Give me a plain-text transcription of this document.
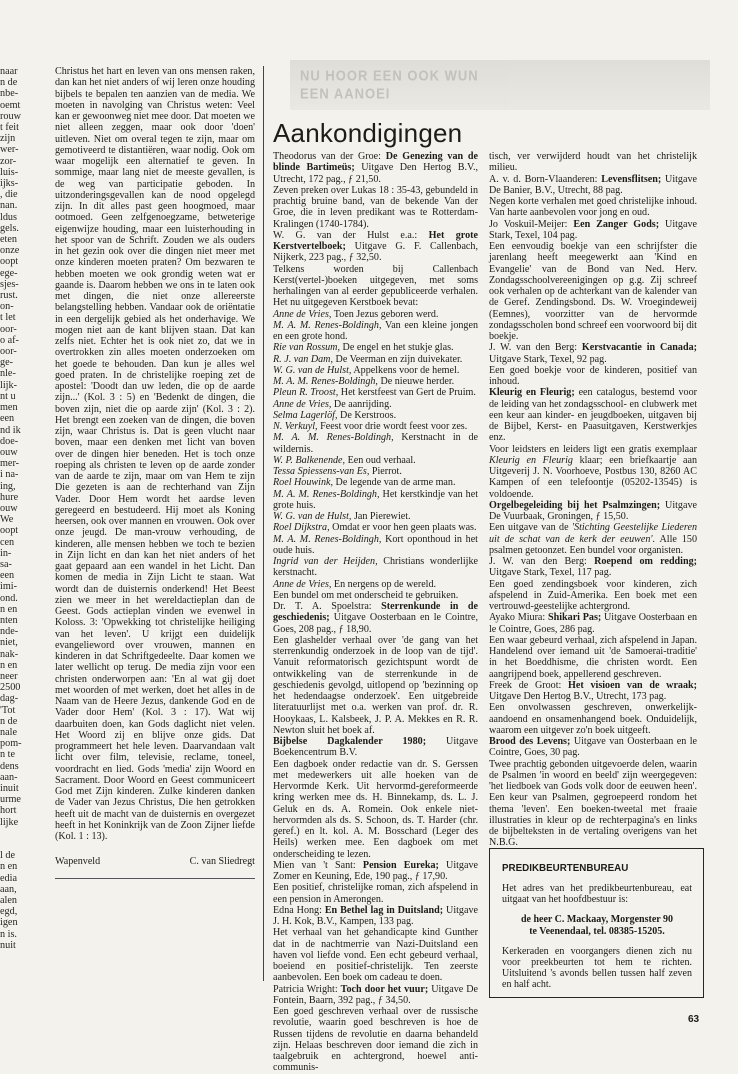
naar
n de
nbe-
oemt
rouw
t feit
zijn
wer-
zor-
luis-
ijks-
, die
nan.
ldus
gels.
eten
onze
oopt
ege-
sjes-
rust.
on-
t let
oor-
o af-
oor-
ge-
nle-
lijk-
nt u
men
een
nd ik
doe-
ouw
mer-
i na-
ing,
hure
ouw
We
oopt
cen
in-
sa-
een
imi-
ond.
n en
nten
nde-
niet,
nak-
n en
neer
2500
dag-
'Tot
n de
nale
pom-
n te
dens
aan-
inuit
urme
hort
lijke

l de
n en
edia
aan,
alen
egd,
igen
n is.
nuit

Christus het hart en leven van ons mensen raken, dan kan het niet anders of wij leren onze houding bijbels te bepalen ten aanzien van de media. We moeten in navolging van Christus weten: Veel kan er gewoonweg niet mee door. Dat moeten we niet alleen zeggen, maar ook door 'doen' uitleven. Niet om overal tegen te zijn, maar om gemotiveerd te distantiëren, waar nodig. Ook om waar mogelijk een alternatief te geven. In sommige, maar lang niet de meeste gevallen, is de weg van participatie geboden. In uitzonderingsgevallen kan de nood opgelegd zijn. In dit alles past geen hoogmoed, maar ootmoed. Geen zelfgenoegzame, betweterige eigenwijze houding, maar een luisterhouding in het spoor van de Schrift. Zouden we als ouders in het gezin ook over die dingen niet meer met onze kinderen moeten praten? Om bezwaren te hebben moeten we ook grondig weten wat er gaande is. Daarom hebben we ons in te laten ook met dingen, die niet onze allereerste belangstelling hebben. Vandaar ook de oriëntatie in een dergelijk gebied als het onderhavige. We mogen niet aan de kant blijven staan. Dat kan zelfs niet. Echter het is ook niet zo, dat we in overtrokken zin alles moeten onderzoeken om het goede te behouden. Dan kun je alles wel goed praten. In de christelijke roeping zet de apostel: 'Doodt dan uw leden, die op de aarde zijn...' (Kol. 3 : 5) en 'Bedenkt de dingen, die boven zijn, niet die op aarde zijn' (Kol. 3 : 2). Het brengt een zoeken van de dingen, die boven zijn, waar Christus is. Dat is geen vlucht naar boven, maar een denken met licht van boven over de dingen hier beneden. Het is toch onze roeping als christen te leven op de aarde zonder van de aarde te zijn, maar om van Hem te zijn Die gezeten is aan de rechterhand van Zijn Vader. Door Hem wordt het aardse leven geregeerd en bestudeerd. Hij moet als Koning heersen, ook over mannen en vrouwen. Ook over onze jeugd. De man-vrouw verhouding, de kinderen, alle mensen hebben we toch te bezien in Zijn licht en dan kan het niet anders of het gaat gepaard aan een wandel in het Licht. Dan komen de media in Zijn Licht te staan. Wat wordt dan de duisternis onderkend! Het Beest zien we meer in het wereldactieplan dan de Geest. Gods actieplan vinden we evenwel in Koloss. 3: 'Opwekking tot christelijke heiliging van het leven'. U krijgt een duidelijk evangelieword over vrouwen, mannen en kinderen in dat Schriftgedeelte. Daar komen we later wellicht op terug. De media zijn voor een christen onderworpen aan: 'En al wat gij doet met woorden of met werken, doet het alles in de Naam van de Heere Jezus, dankende God en de Vader door Hem' (Kol. 3 : 17). Wat wij daarbuiten doen, kan Gods daglicht niet velen. Het Woord zij en blijve onze gids. Dat programmeert het hele leven. Daarvandaan valt licht over film, televisie, reclame, toneel, voordracht en lied. Gods 'media' zijn Woord en Sacrament. Door Woord en Geest communiceert God met Zijn kinderen. Zulke kinderen danken de Vader van Jezus Christus, Die hen getrokken heeft uit de macht van de duisternis en overgezet heeft in het Koninkrijk van de Zoon Zijner liefde (Kol. 1 : 13).

Wapenveld	C. van Sliedregt
NU HOOR EEN OOK WUN
EEN AANOEI
Aankondigingen

Theodorus van der Groe: De Genezing van de blinde Bartimeüs; Uitgave Den Hertog B.V., Utrecht, 172 pag., ƒ 21,50.

Zeven preken over Lukas 18 : 35-43, gebundeld in prachtig bruine band, van de bekende Van der Groe, die in leven predikant was te Rotterdam-Kralingen (1740-1784).

W. G. van der Hulst e.a.: Het grote Kerstvertelboek; Uitgave G. F. Callenbach, Nijkerk, 223 pag., ƒ 32,50.

Telkens worden bij Callenbach Kerst(vertel-)boeken uitgegeven, met soms herhalingen van al eerder gepubliceerde verhalen. Het nu uitgegeven Kerstboek bevat:

Anne de Vries, Toen Jezus geboren werd.

M. A. M. Renes-Boldingh, Van een kleine jongen en een grote hond.

Rie van Rossum, De engel en het stukje glas.

R. J. van Dam, De Veerman en zijn duivekater.

W. G. van de Hulst, Appelkens voor de hemel.

M. A. M. Renes-Boldingh, De nieuwe herder.

Pleun R. Troost, Het kerstfeest van Gert de Pruim.

Anne de Vries, De aanrijding.

Selma Lagerlöf, De Kerstroos.

N. Verkuyl, Feest voor drie wordt feest voor zes.

M. A. M. Renes-Boldingh, Kerstnacht in de wildernis.

W. P. Balkenende, Een oud verhaal.

Tessa Spiessens-van Es, Pierrot.

Roel Houwink, De legende van de arme man.

M. A. M. Renes-Boldingh, Het kerstkindje van het grote huis.

W. G. van de Hulst, Jan Pierewiet.

Roel Dijkstra, Omdat er voor hen geen plaats was.

M. A. M. Renes-Boldingh, Kort oponthoud in het oude huis.

Ingrid van der Heijden, Christians wonderlijke kerstnacht.

Anne de Vries, En nergens op de wereld.

Een bundel om met onderscheid te gebruiken.

Dr. T. A. Spoelstra: Sterrenkunde in de geschiedenis; Uitgave Oosterbaan en le Cointre, Goes, 208 pag., ƒ 18,90.

Een glashelder verhaal over 'de gang van het sterrenkundig onderzoek in de loop van de tijd'. Vanuit reformatorisch gezichtspunt wordt de ontwikkeling van de sterrenkunde in de geschiedenis gevolgd, uitlopend op 'bezinning op het hedendaagse onderzoek'. Een uitgebreide literatuurlijst met o.a. werken van prof. dr. R. Hooykaas, L. Kalsbeek, J. P. A. Mekkes en R. R. Newton sluit het boek af.

Bijbelse Dagkalender 1980; Uitgave Boekencentrum B.V.

Een dagboek onder redactie van dr. S. Gerssen met medewerkers uit alle hoeken van de Hervormde Kerk. Uit hervormd-gereformeerde kring werken mee ds. H. Binnekamp, ds. L. J. Geluk en ds. A. Romein. Ook enkele niet-hervormden als ds. S. Schoon, ds. T. Harder (chr. geref.) en lt. kol. A. M. Bosschard (Leger des Heils) werken mee. Een dagboek om met onderscheiding te lezen.

Mien van 't Sant: Pension Eureka; Uitgave Zomer en Keuning, Ede, 190 pag., ƒ 17,90.

Een positief, christelijke roman, zich afspelend in een pension in Amerongen.

Edna Hong: En Bethel lag in Duitsland; Uitgave J. H. Kok, B.V., Kampen, 133 pag.

Het verhaal van het gehandicapte kind Gunther dat in de nachtmerrie van Nazi-Duitsland een haven vol liefde vond. Een echt gebeurd verhaal, boeiend en positief-christelijk. Ten zeerste aanbevolen. Een boek om cadeau te doen.

Patricia Wright: Toch door het vuur; Uitgave De Fontein, Baarn, 392 pag., ƒ 34,50.

Een goed geschreven verhaal over de russische revolutie, waarin goed beschreven is hoe de Russen tijdens de revolutie en daarna behandeld zijn. Helaas beschreven door iemand die zich in taalgebruik en achtergrond, hoewel anti-communis-

tisch, ver verwijderd houdt van het christelijk milieu.

A. v. d. Born-Vlaanderen: Levensflitsen; Uitgave De Banier, B.V., Utrecht, 88 pag.

Negen korte verhalen met goed christelijke inhoud. Van harte aanbevolen voor jong en oud.

Jo Voskuil-Meijer: Een Zanger Gods; Uitgave Stark, Texel, 104 pag.

Een eenvoudig boekje van een schrijfster die jarenlang heeft meegewerkt aan 'Kind en Evangelie' van de Bond van Ned. Herv. Zondagsschoolvereenigingen op g.g. Zij schreef ook verhalen op de achterkant van de kalender van de Geref. Zendingsbond. Ds. W. Vroegindeweij (Eemnes), voorzitter van de hervormde zondagsscholen bond schreef een voorwoord bij dit boekje.

J. W. van den Berg: Kerstvacantie in Canada; Uitgave Stark, Texel, 92 pag.

Een goed boekje voor de kinderen, positief van inhoud.

Kleurig en Fleurig; een catalogus, bestemd voor de leiding van het zondagsschool- en clubwerk met een keur aan kinder- en jeugdboeken, uitgaven bij de Bijbel, Kerst- en Paasuitgaven, Kerstwerkjes enz.

Voor leidsters en leiders ligt een gratis exemplaar Kleurig en Fleurig klaar; een briefkaartje aan Uitgeverij J. N. Voorhoeve, Postbus 130, 8260 AC Kampen of een telefoontje (05202-13545) is voldoende.

Orgelbegeleiding bij het Psalmzingen; Uitgave De Vuurbaak, Groningen, ƒ 15,50.

Een uitgave van de 'Stichting Geestelijke Liederen uit de schat van de kerk der eeuwen'. Alle 150 psalmen getoonzet. Een bundel voor organisten.

J. W. van den Berg: Roepend om redding; Uitgave Stark, Texel, 117 pag.

Een goed zendingsboek voor kinderen, zich afspelend in Zuid-Amerika. Een boek met een vertrouwd-geestelijke achtergrond.

Ayako Miura: Shikari Pas; Uitgave Oosterbaan en le Cointre, Goes, 286 pag.

Een waar gebeurd verhaal, zich afspelend in Japan. Handelend over iemand uit 'de Samoerai-traditie' in het Boeddhisme, die christen wordt. Een aangrijpend boek, appellerend geschreven.

Freek de Groot: Het visioen van de wraak; Uitgave Den Hertog B.V., Utrecht, 173 pag.

Een onvolwassen geschreven, onwerkelijk-aandoend en onsamenhangend boek. Onduidelijk, waarom een uitgever zo'n boek uitgeeft.

Brood des Levens; Uitgave van Oosterbaan en le Cointre, Goes, 30 pag.

Twee prachtig gebonden uitgevoerde delen, waarin de Psalmen 'in woord en beeld' zijn weergegeven: 'het liedboek van Gods volk door de eeuwen heen'. Een keur van Psalmen, gegroepeerd rondom het thema 'leven'. Een boeken-tweetal met fraaie illustraties in kleur op de rechterpagina's en links de bijbelteksten in de vertaling overigens van het N.B.G.

PREDIKBEURTENBUREAU

Het adres van het predikbeurtenbureau, eat uitgaat van het hoofdbestuur is:

de heer C. Mackaay, Morgenster 90
te Veenendaal, tel. 08385-15205.

Kerkeraden en voorgangers dienen zich nu voor preekbeurten tot hem te richten. Uitsluitend 's avonds bellen tussen half zeven en half acht.

63
